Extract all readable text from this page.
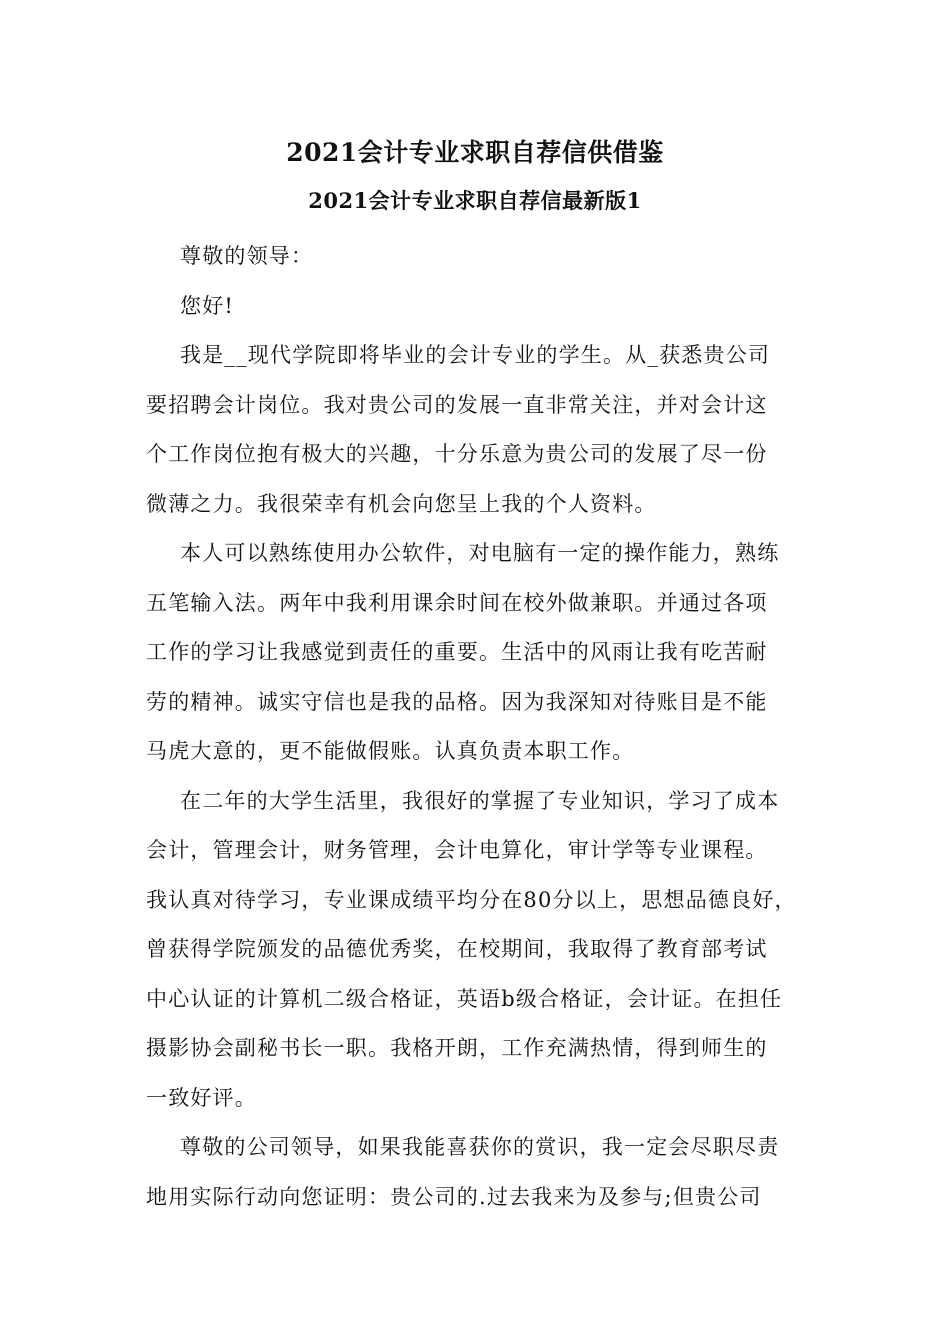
2021会计专业求职自荐信供借鉴
2021会计专业求职自荐信最新版1
尊敬的领导：
您好!
我是__现代学院即将毕业的会计专业的学生。从_获悉贵公司
要招聘会计岗位。我对贵公司的发展一直非常关注，并对会计这
个工作岗位抱有极大的兴趣，十分乐意为贵公司的发展了尽一份
微薄之力。我很荣幸有机会向您呈上我的个人资料。
本人可以熟练使用办公软件，对电脑有一定的操作能力，熟练
五笔输入法。两年中我利用课余时间在校外做兼职。并通过各项
工作的学习让我感觉到责任的重要。生活中的风雨让我有吃苦耐
劳的精神。诚实守信也是我的品格。因为我深知对待账目是不能
马虎大意的，更不能做假账。认真负责本职工作。
在二年的大学生活里，我很好的掌握了专业知识，学习了成本
会计，管理会计，财务管理，会计电算化，审计学等专业课程。
我认真对待学习，专业课成绩平均分在80分以上，思想品德良好，
曾获得学院颁发的品德优秀奖，在校期间，我取得了教育部考试
中心认证的计算机二级合格证，英语b级合格证，会计证。在担任
摄影协会副秘书长一职。我格开朗，工作充满热情，得到师生的
一致好评。
尊敬的公司领导，如果我能喜获你的赏识，我一定会尽职尽责
地用实际行动向您证明：贵公司的.过去我来为及参与;但贵公司
